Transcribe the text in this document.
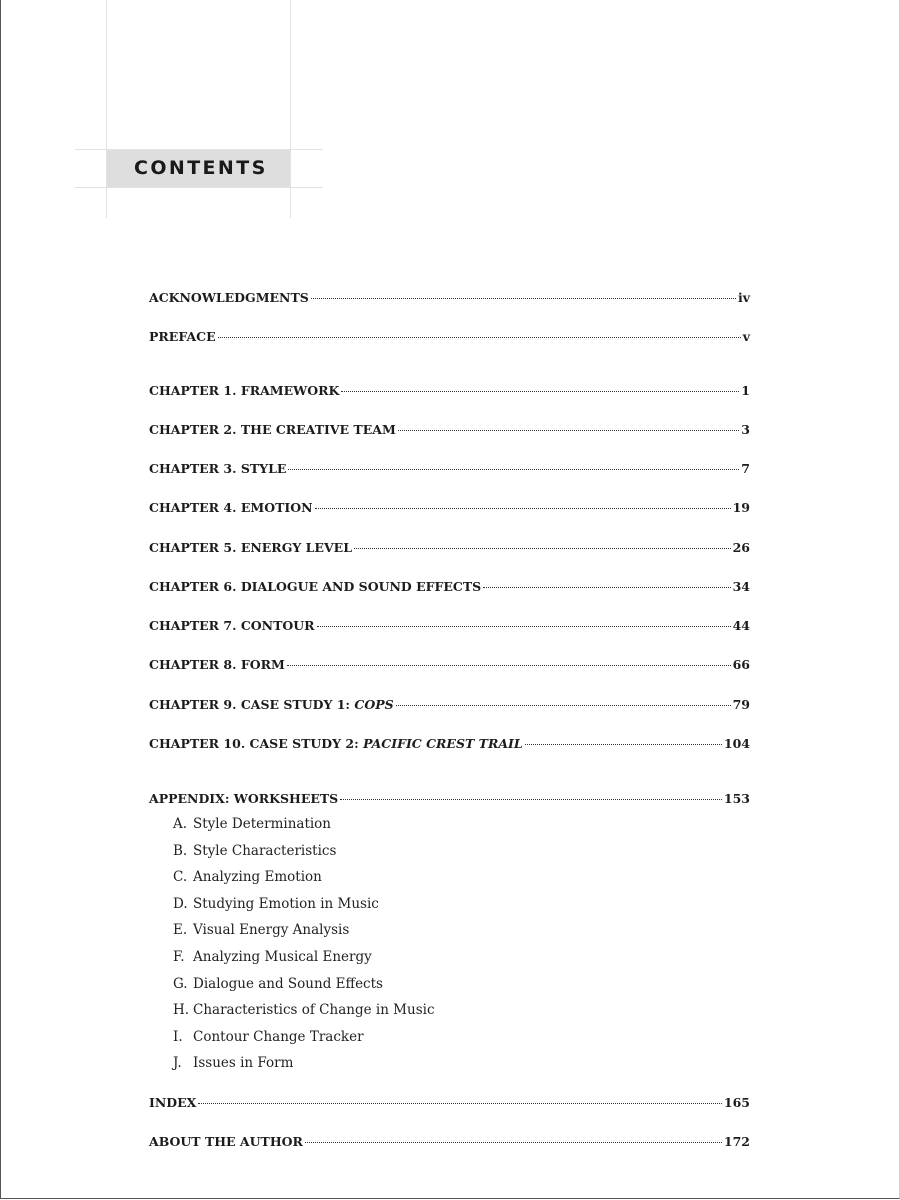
CONTENTS
ACKNOWLEDGMENTS	iv
PREFACE	v
CHAPTER 1. FRAMEWORK	1
CHAPTER 2. THE CREATIVE TEAM	3
CHAPTER 3. STYLE	7
CHAPTER 4. EMOTION	19
CHAPTER 5. ENERGY LEVEL	26
CHAPTER 6. DIALOGUE AND SOUND EFFECTS	34
CHAPTER 7. CONTOUR	44
CHAPTER 8. FORM	66
CHAPTER 9. CASE STUDY 1: COPS	79
CHAPTER 10. CASE STUDY 2: PACIFIC CREST TRAIL	104
APPENDIX: WORKSHEETS	153
A. Style Determination
B. Style Characteristics
C. Analyzing Emotion
D. Studying Emotion in Music
E. Visual Energy Analysis
F. Analyzing Musical Energy
G. Dialogue and Sound Effects
H. Characteristics of Change in Music
I. Contour Change Tracker
J. Issues in Form
INDEX	165
ABOUT THE AUTHOR	172
